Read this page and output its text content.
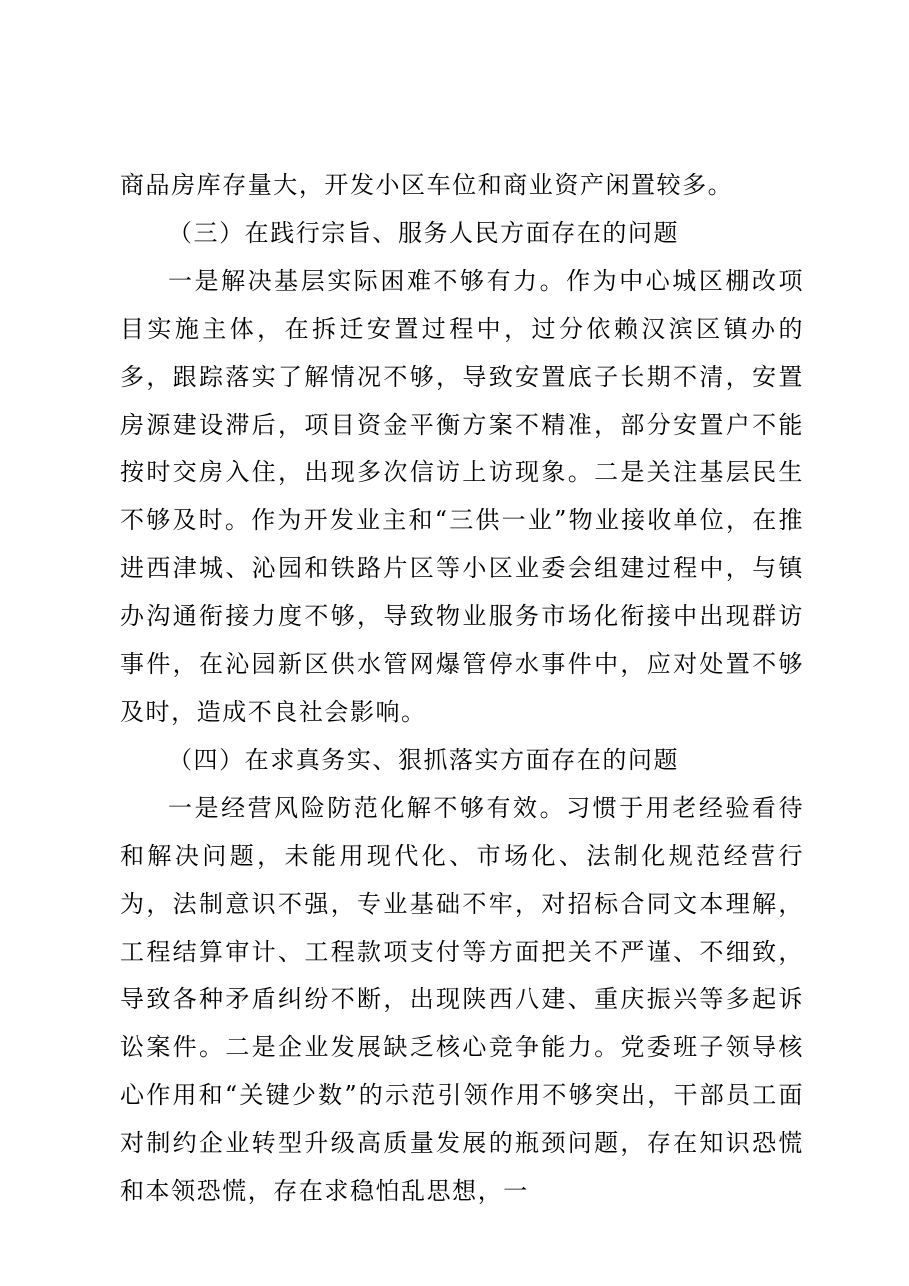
商品房库存量大，开发小区车位和商业资产闲置较多。

（三）在践行宗旨、服务人民方面存在的问题

一是解决基层实际困难不够有力。作为中心城区棚改项目实施主体，在拆迁安置过程中，过分依赖汉滨区镇办的多，跟踪落实了解情况不够，导致安置底子长期不清，安置房源建设滞后，项目资金平衡方案不精准，部分安置户不能按时交房入住，出现多次信访上访现象。二是关注基层民生不够及时。作为开发业主和“三供一业”物业接收单位，在推进西津城、沁园和铁路片区等小区业委会组建过程中，与镇办沟通衔接力度不够，导致物业服务市场化衔接中出现群访事件，在沁园新区供水管网爆管停水事件中，应对处置不够及时，造成不良社会影响。

（四）在求真务实、狠抓落实方面存在的问题

一是经营风险防范化解不够有效。习惯于用老经验看待和解决问题，未能用现代化、市场化、法制化规范经营行为，法制意识不强，专业基础不牢，对招标合同文本理解，工程结算审计、工程款项支付等方面把关不严谨、不细致，导致各种矛盾纠纷不断，出现陕西八建、重庆振兴等多起诉讼案件。二是企业发展缺乏核心竞争能力。党委班子领导核心作用和“关键少数”的示范引领作用不够突出，干部员工面对制约企业转型升级高质量发展的瓶颈问题，存在知识恐慌和本领恐慌，存在求稳怕乱思想，一
